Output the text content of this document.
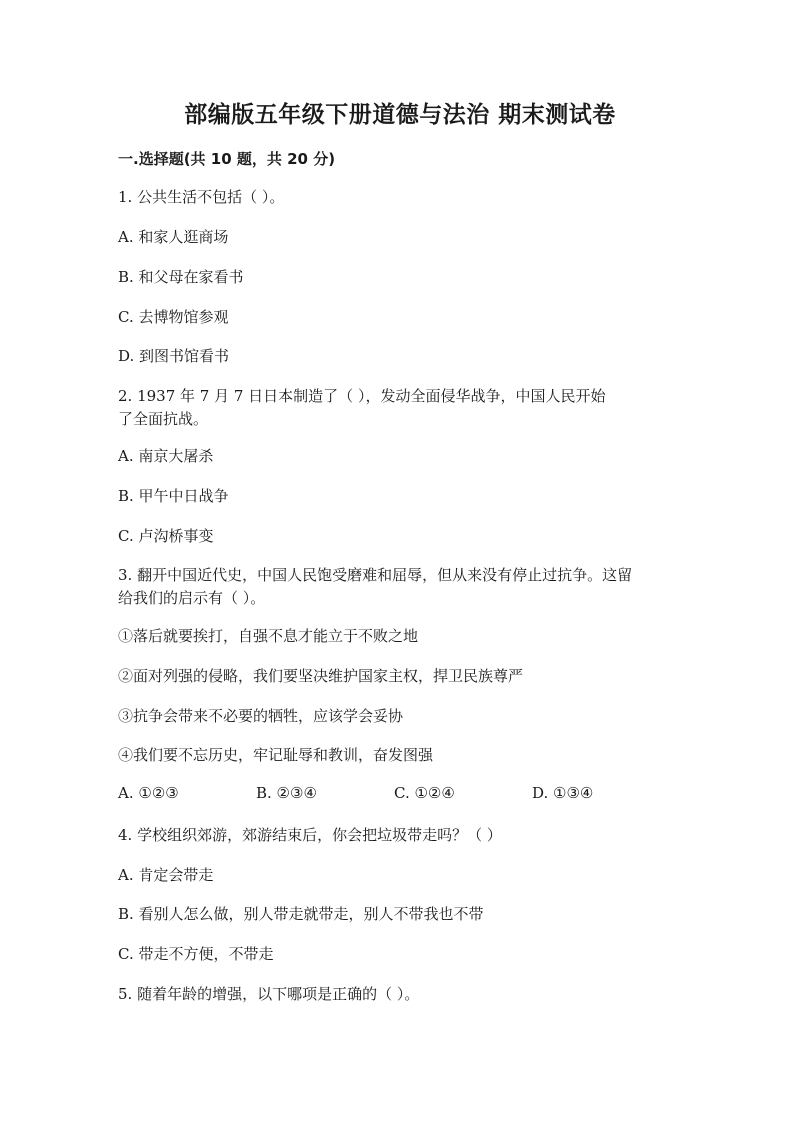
部编版五年级下册道德与法治 期末测试卷
一.选择题(共 10 题，共 20 分)
1. 公共生活不包括（ ）。
A. 和家人逛商场
B. 和父母在家看书
C. 去博物馆参观
D. 到图书馆看书
2. 1937 年 7 月 7 日日本制造了（ ），发动全面侵华战争，中国人民开始
了全面抗战。
A. 南京大屠杀
B. 甲午中日战争
C. 卢沟桥事变
3. 翻开中国近代史，中国人民饱受磨难和屈辱，但从来没有停止过抗争。这留
给我们的启示有（ ）。
①落后就要挨打，自强不息才能立于不败之地
②面对列强的侵略，我们要坚决维护国家主权，捍卫民族尊严
③抗争会带来不必要的牺牲，应该学会妥协
④我们要不忘历史，牢记耻辱和教训，奋发图强
A. ①②③	B. ②③④	C. ①②④	D. ①③④
4. 学校组织郊游，郊游结束后，你会把垃圾带走吗？（ ）
A. 肯定会带走
B. 看别人怎么做，别人带走就带走，别人不带我也不带
C. 带走不方便，不带走
5. 随着年龄的增强，以下哪项是正确的（ ）。
